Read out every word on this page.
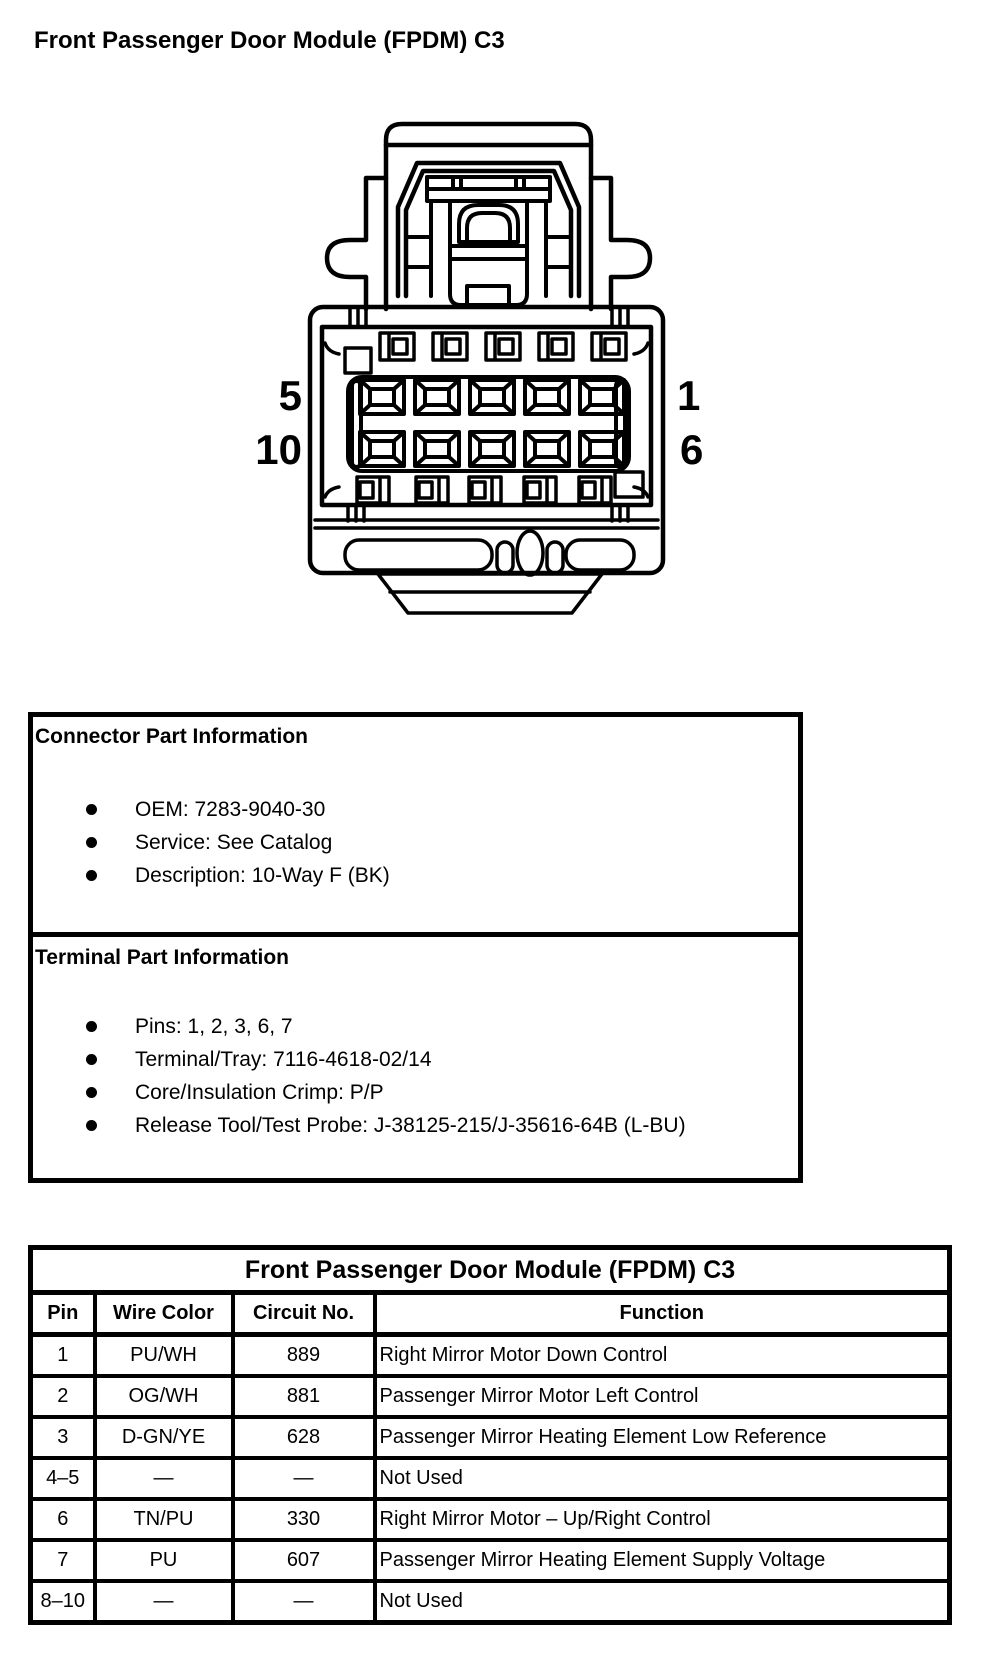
Front Passenger Door Module (FPDM) C3
5
10
1
6
Connector Part Information
OEM: 7283-9040-30
Service: See Catalog
Description: 10-Way F (BK)
Terminal Part Information
Pins: 1, 2, 3, 6, 7
Terminal/Tray: 7116-4618-02/14
Core/Insulation Crimp: P/P
Release Tool/Test Probe: J-38125-215/J-35616-64B (L-BU)
Front Passenger Door Module (FPDM) C3			
Pin	Wire Color	Circuit No.	Function
1	PU/WH	889	Right Mirror Motor Down Control
2	OG/WH	881	Passenger Mirror Motor Left Control
3	D-GN/YE	628	Passenger Mirror Heating Element Low Reference
4–5	—	—	Not Used
6	TN/PU	330	Right Mirror Motor – Up/Right Control
7	PU	607	Passenger Mirror Heating Element Supply Voltage
8–10	—	—	Not Used
